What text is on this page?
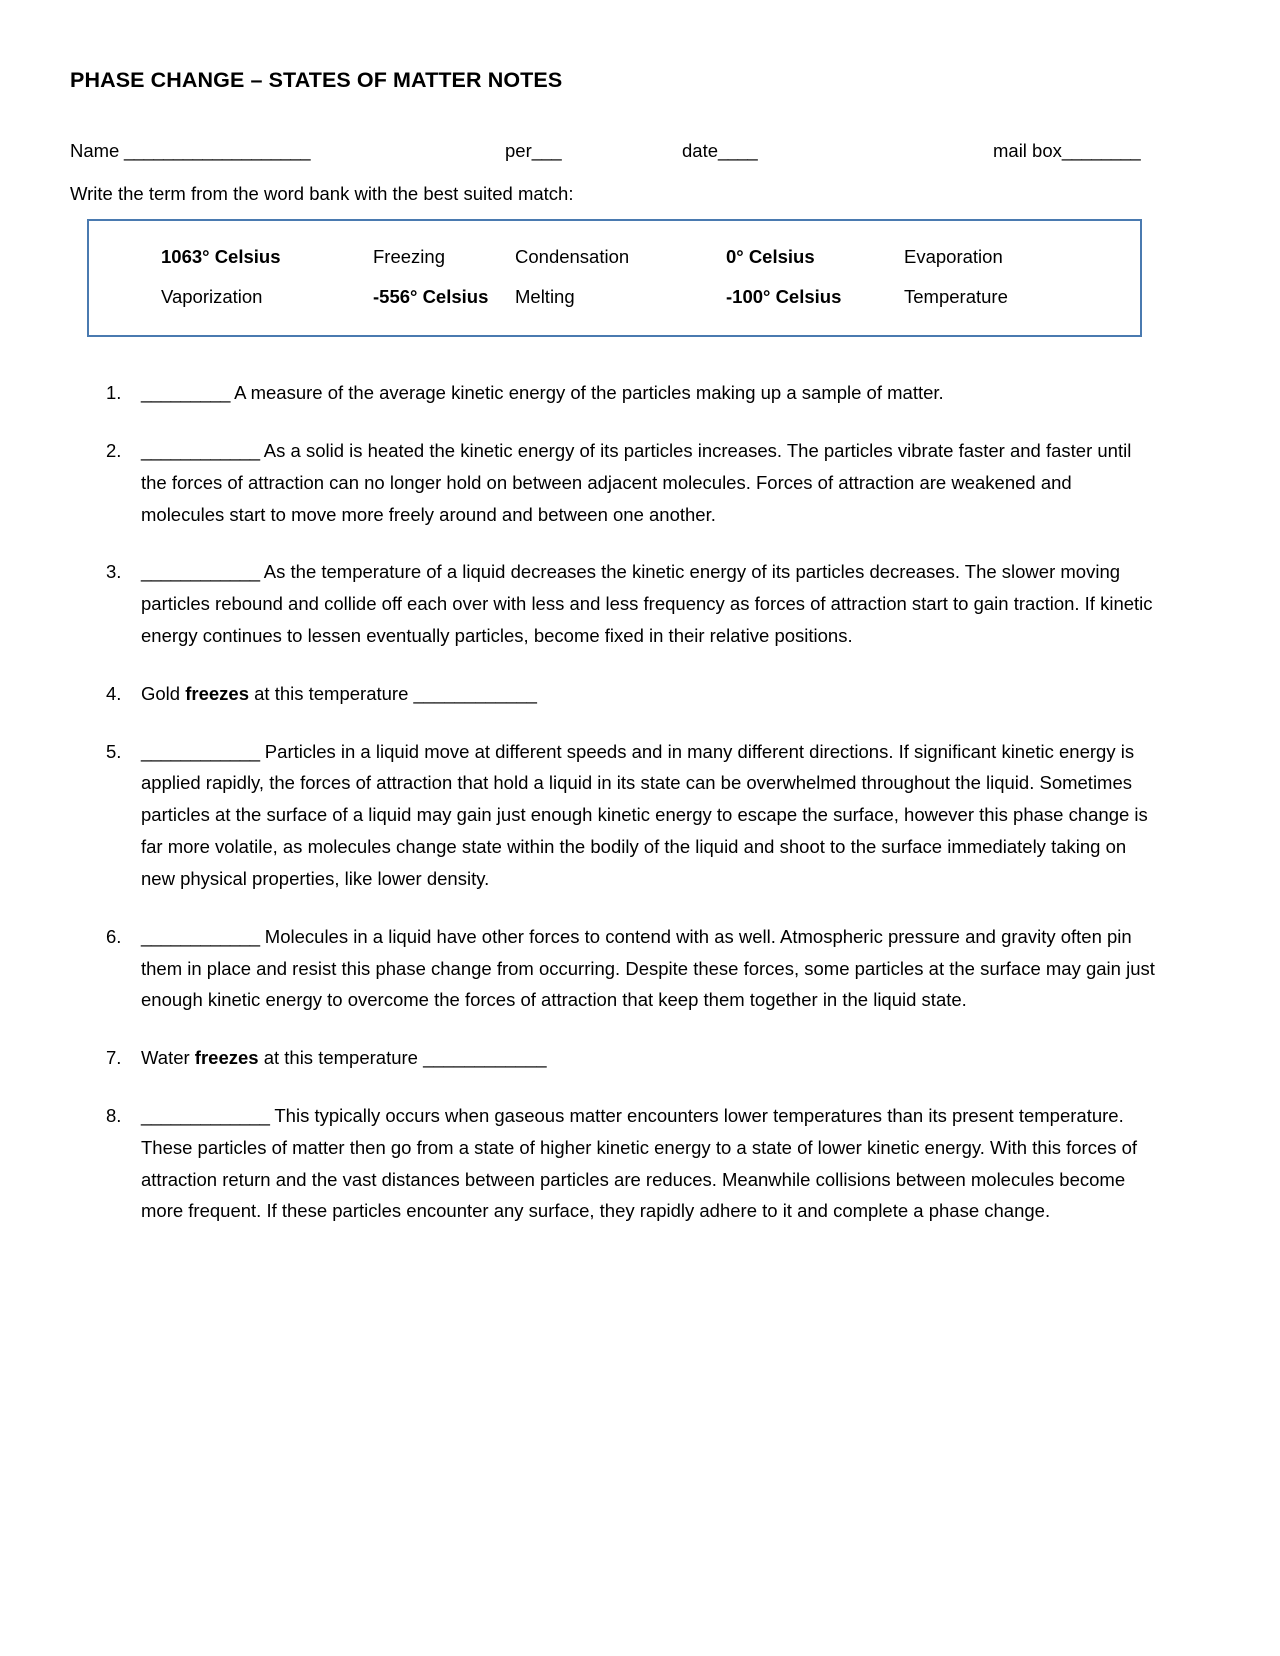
PHASE CHANGE – STATES OF MATTER NOTES
Name ___________________	per___	date____	mail box________

Write the term from the word bank with the best suited match:

1063° Celsius	Freezing	Condensation	0° Celsius	Evaporation
Vaporization	-556° Celsius	Melting	-100° Celsius	Temperature
1.	_________ A measure of the average kinetic energy of the particles making up a sample of matter.
2.	____________ As a solid is heated the kinetic energy of its particles increases. The particles vibrate faster and faster until the forces of attraction can no longer hold on between adjacent molecules. Forces of attraction are weakened and molecules start to move more freely around and between one another.
3.	____________ As the temperature of a liquid decreases the kinetic energy of its particles decreases. The slower moving particles rebound and collide off each over with less and less frequency as forces of attraction start to gain traction. If kinetic energy continues to lessen eventually particles, become fixed in their relative positions.
4.	Gold freezes at this temperature ____________
5.	____________ Particles in a liquid move at different speeds and in many different directions. If significant kinetic energy is applied rapidly, the forces of attraction that hold a liquid in its state can be overwhelmed throughout the liquid. Sometimes particles at the surface of a liquid may gain just enough kinetic energy to escape the surface, however this phase change is far more volatile, as molecules change state within the bodily of the liquid and shoot to the surface immediately taking on new physical properties, like lower density.
6.	____________ Molecules in a liquid have other forces to contend with as well. Atmospheric pressure and gravity often pin them in place and resist this phase change from occurring. Despite these forces, some particles at the surface may gain just enough kinetic energy to overcome the forces of attraction that keep them together in the liquid state.
7.	Water freezes at this temperature ____________
8.	_____________ This typically occurs when gaseous matter encounters lower temperatures than its present temperature. These particles of matter then go from a state of higher kinetic energy to a state of lower kinetic energy. With this forces of attraction return and the vast distances between particles are reduces. Meanwhile collisions between molecules become more frequent. If these particles encounter any surface, they rapidly adhere to it and complete a phase change.
